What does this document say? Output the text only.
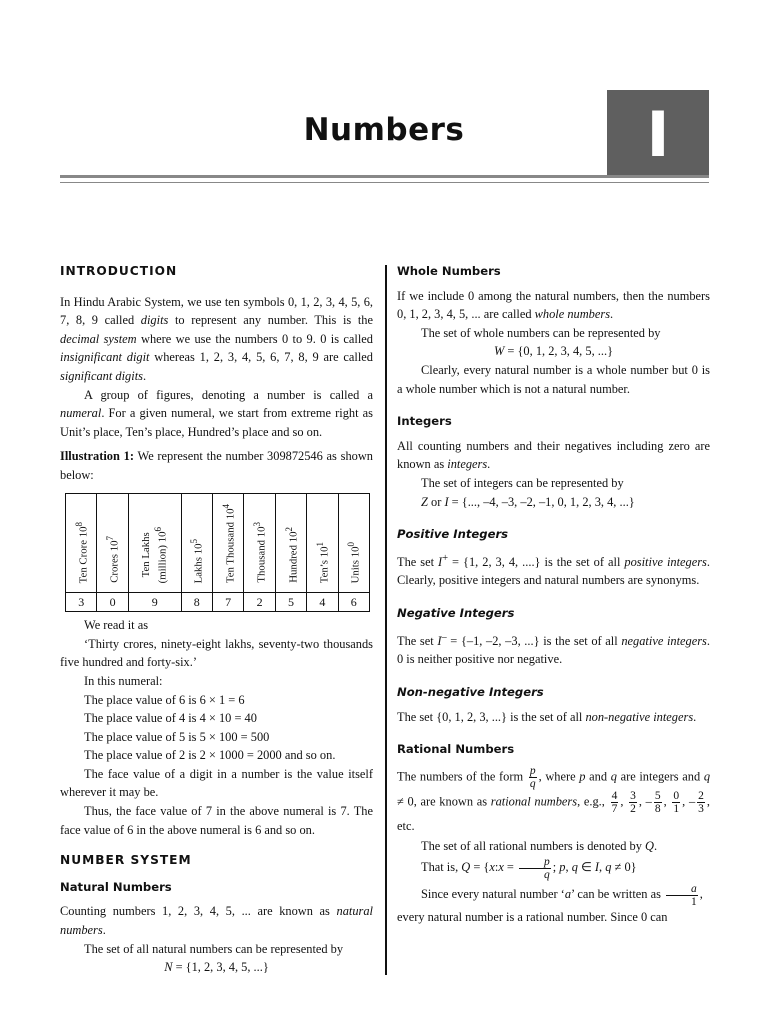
Numbers	I

INTRODUCTION

In Hindu Arabic System, we use ten symbols 0, 1, 2, 3, 4, 5, 6, 7, 8, 9 called digits to represent any number. This is the decimal system where we use the numbers 0 to 9. 0 is called insignificant digit whereas 1, 2, 3, 4, 5, 6, 7, 8, 9 are called significant digits.

A group of figures, denoting a number is called a numeral. For a given numeral, we start from extreme right as Unit’s place, Ten’s place, Hundred’s place and so on.

Illustration 1: We represent the number 309872546 as shown below:

Ten Crore $10^8$	Crores $10^7$	Ten Lakhs (million) $10^6$	Lakhs $10^5$	Ten Thousand $10^4$	Thousand $10^3$	Hundred $10^2$	Ten’s $10^1$	Units $10^0$
3	0	9	8	7	2	5	4	6

We read it as

‘Thirty crores, ninety-eight lakhs, seventy-two thousands five hundred and forty-six.’

In this numeral:

The place value of 6 is 6 × 1 = 6

The place value of 4 is 4 × 10 = 40

The place value of 5 is 5 × 100 = 500

The place value of 2 is 2 × 1000 = 2000 and so on.

The face value of a digit in a number is the value itself wherever it may be.

Thus, the face value of 7 in the above numeral is 7. The face value of 6 in the above numeral is 6 and so on.

NUMBER SYSTEM

Natural Numbers

Counting numbers 1, 2, 3, 4, 5, ... are known as natural numbers.

The set of all natural numbers can be represented by

N = {1, 2, 3, 4, 5, ...}

Whole Numbers

If we include 0 among the natural numbers, then the numbers 0, 1, 2, 3, 4, 5, ... are called whole numbers.

The set of whole numbers can be represented by

W = {0, 1, 2, 3, 4, 5, ...}

Clearly, every natural number is a whole number but 0 is a whole number which is not a natural number.

Integers

All counting numbers and their negatives including zero are known as integers.

The set of integers can be represented by

Z or I = {..., –4, –3, –2, –1, 0, 1, 2, 3, 4, ...}

Positive Integers

The set I+ = {1, 2, 3, 4, ....} is the set of all positive integers. Clearly, positive integers and natural numbers are synonyms.

Negative Integers

The set I– = {–1, –2, –3, ...} is the set of all negative integers. 0 is neither positive nor negative.

Non-negative Integers

The set {0, 1, 2, 3, ...} is the set of all non-negative integers.

Rational Numbers

The numbers of the form $\frac{p}{q}$ , where p and q are integers and q ≠ 0, are known as rational numbers, e.g., $\frac{4}{7}$ , $\frac{3}{2}$ , – $\frac{5}{8}$ , $\frac{0}{1}$ , – $\frac{2}{3}$ , etc.

The set of all rational numbers is denoted by Q.

That is, Q = {x:x = $\frac{p}{q}$ ; p, q ∈ I, q ≠ 0}

Since every natural number ‘a’ can be written as $\frac{a}{1}$ ,

every natural number is a rational number. Since 0 can
